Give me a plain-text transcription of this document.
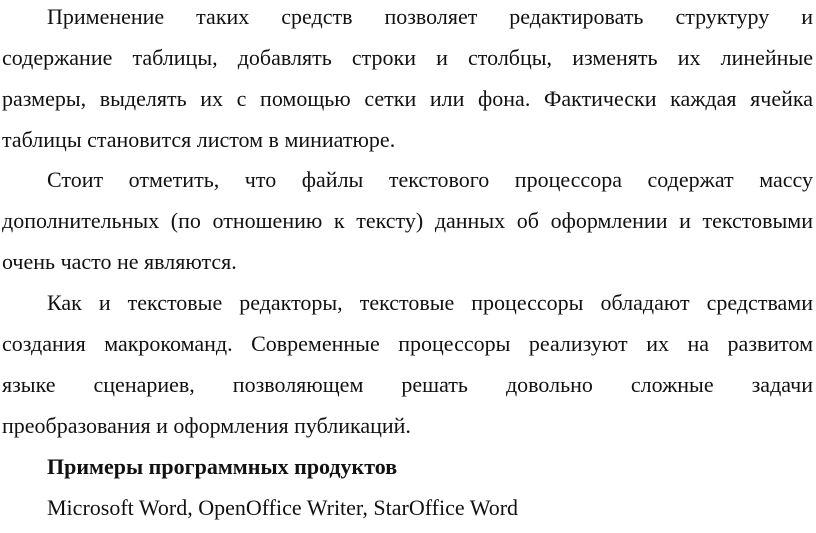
Применение таких средств позволяет редактировать структуру и
содержание таблицы, добавлять строки и столбцы, изменять их линейные
размеры, выделять их с помощью сетки или фона. Фактически каждая ячейка
таблицы становится листом в миниатюре.

Стоит отметить, что файлы текстового процессора содержат массу
дополнительных (по отношению к тексту) данных об оформлении и текстовыми
очень часто не являются.

Как и текстовые редакторы, текстовые процессоры обладают средствами
создания макрокоманд. Современные процессоры реализуют их на развитом
языке сценариев, позволяющем решать довольно сложные задачи
преобразования и оформления публикаций.

Примеры программных продуктов

Microsoft Word, OpenOffice Writer, StarOffice Word
